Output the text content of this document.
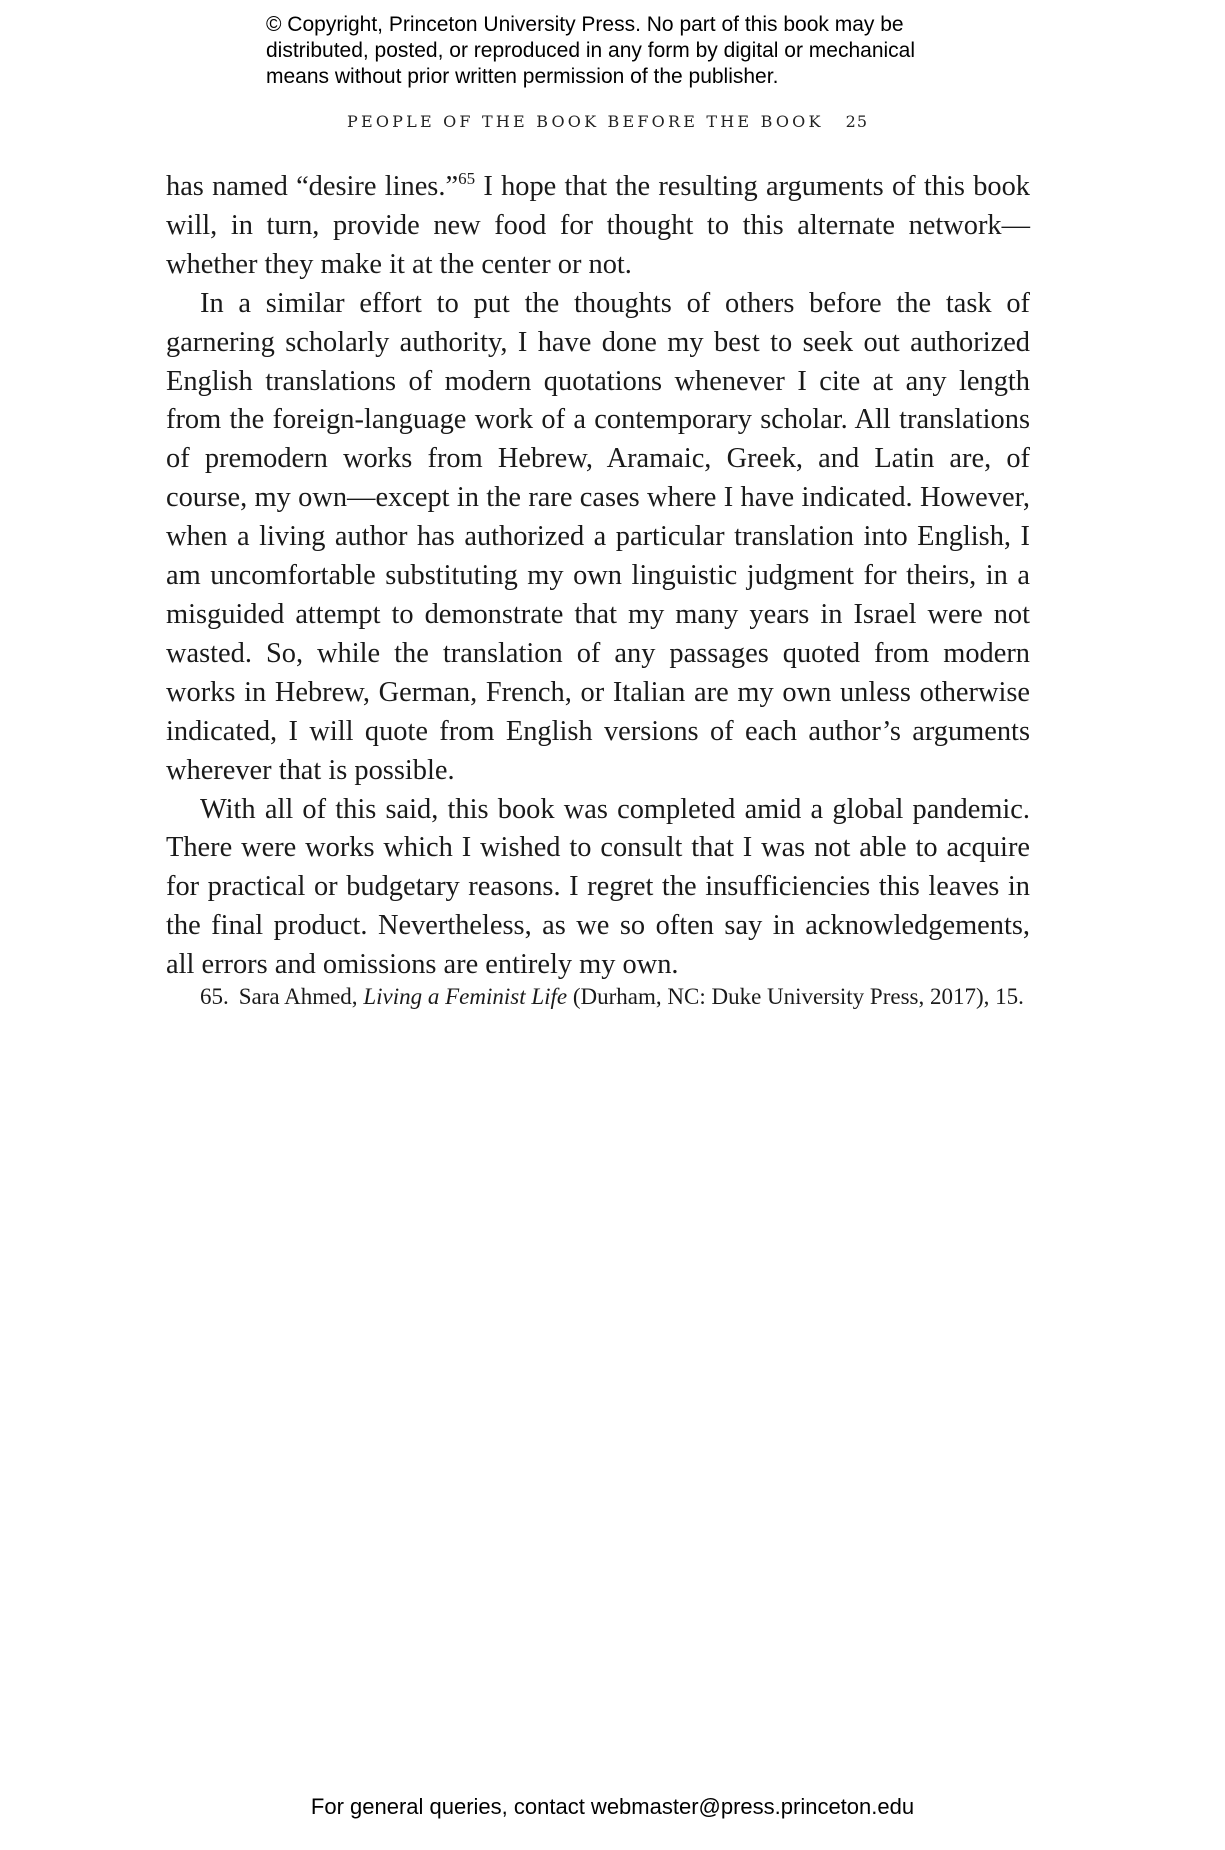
© Copyright, Princeton University Press. No part of this book may be
distributed, posted, or reproduced in any form by digital or mechanical
means without prior written permission of the publisher.
PEOPLE OF THE BOOK BEFORE THE BOOK 25

has named “desire lines.”$^{65}$ I hope that the resulting arguments of this book will, in turn, provide new food for thought to this alternate network—whether they make it at the center or not.

In a similar effort to put the thoughts of others before the task of garnering scholarly authority, I have done my best to seek out authorized English translations of modern quotations whenever I cite at any length from the foreign-language work of a contemporary scholar. All translations of premodern works from Hebrew, Aramaic, Greek, and Latin are, of course, my own—except in the rare cases where I have indicated. However, when a living author has authorized a particular translation into English, I am uncomfortable substituting my own linguistic judgment for theirs, in a misguided attempt to demonstrate that my many years in Israel were not wasted. So, while the translation of any passages quoted from modern works in Hebrew, German, French, or Italian are my own unless otherwise indicated, I will quote from English versions of each author’s arguments wherever that is possible.

With all of this said, this book was completed amid a global pandemic. There were works which I wished to consult that I was not able to acquire for practical or budgetary reasons. I regret the insufficiencies this leaves in the final product. Nevertheless, as we so often say in acknowledgements, all errors and omissions are entirely my own.

65. Sara Ahmed, Living a Feminist Life (Durham, NC: Duke University Press, 2017), 15.
For general queries, contact webmaster@press.princeton.edu
